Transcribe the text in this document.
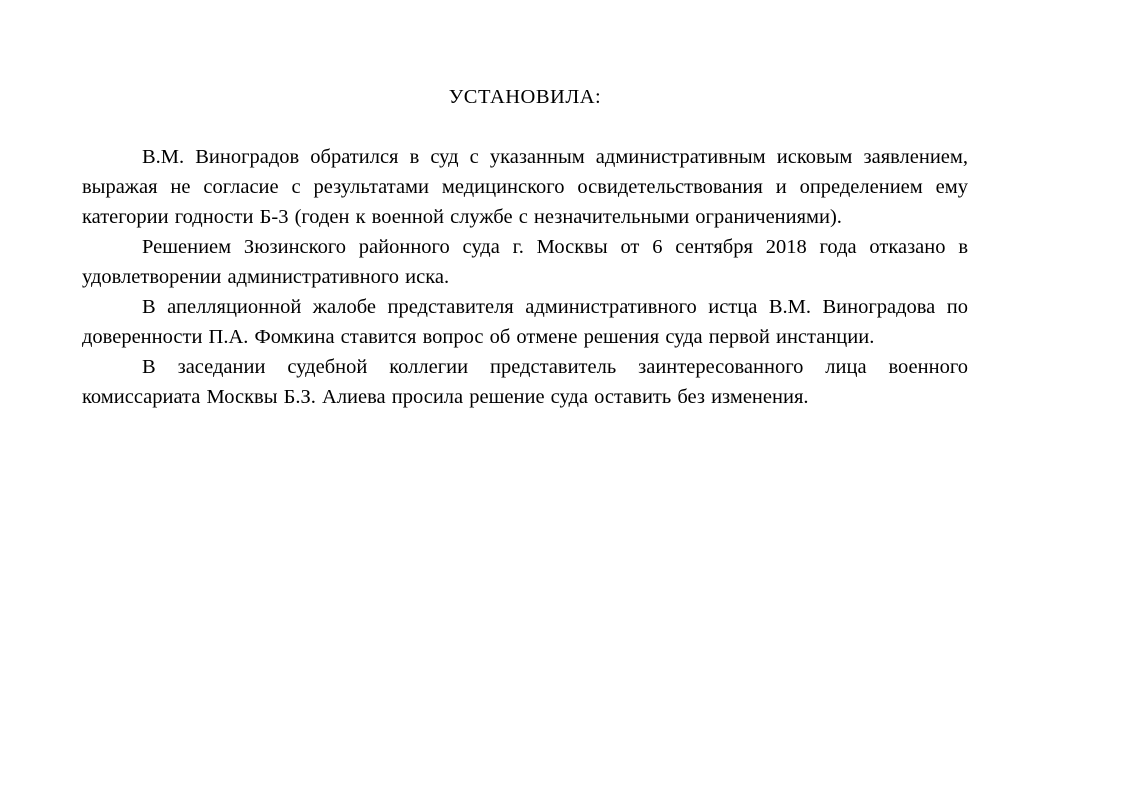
УСТАНОВИЛА:

В.М. Виноградов обратился в суд с указанным административным исковым заявлением, выражая не согласие с результатами медицинского освидетельствования и определением ему категории годности Б-3 (годен к военной службе с незначительными ограничениями).

Решением Зюзинского районного суда г. Москвы от 6 сентября 2018 года отказано в удовлетворении административного иска.

В апелляционной жалобе представителя административного истца В.М. Виноградова по доверенности П.А. Фомкина ставится вопрос об отмене решения суда первой инстанции.

В заседании судебной коллегии представитель заинтересованного лица военного комиссариата Москвы Б.З. Алиева просила решение суда оставить без изменения.
